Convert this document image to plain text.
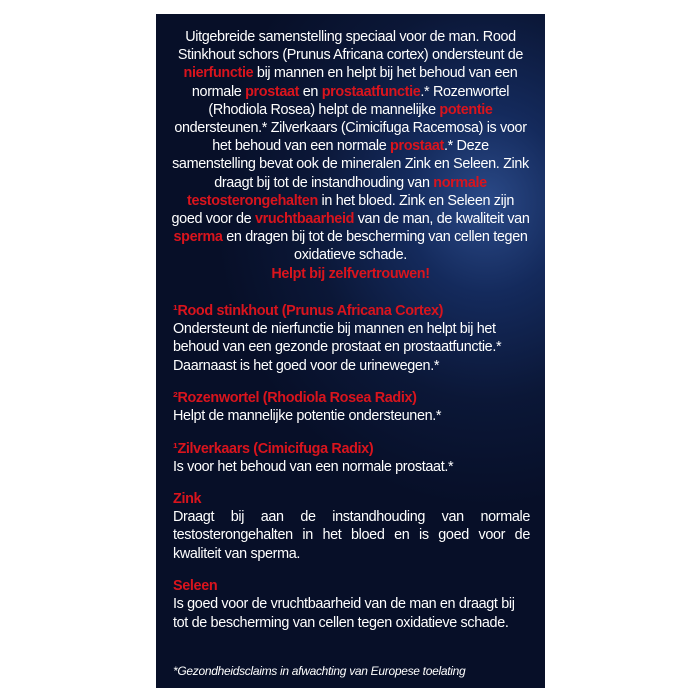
Uitgebreide samenstelling speciaal voor de man. Rood Stinkhout schors (Prunus Africana cortex) ondersteunt de nierfunctie bij mannen en helpt bij het behoud van een normale prostaat en prostaatfunctie.* Rozenwortel (Rhodiola Rosea) helpt de mannelijke potentie ondersteunen.* Zilverkaars (Cimicifuga Racemosa) is voor het behoud van een normale prostaat.* Deze samenstelling bevat ook de mineralen Zink en Seleen. Zink draagt bij tot de instandhouding van normale testosterongehalten in het bloed. Zink en Seleen zijn goed voor de vruchtbaarheid van de man, de kwaliteit van sperma en dragen bij tot de bescherming van cellen tegen oxidatieve schade.
Helpt bij zelfvertrouwen!
¹Rood stinkhout (Prunus Africana Cortex)
Ondersteunt de nierfunctie bij mannen en helpt bij het behoud van een gezonde prostaat en prostaatfunctie.* Daarnaast is het goed voor de urinewegen.*
²Rozenwortel (Rhodiola Rosea Radix)
Helpt de mannelijke potentie ondersteunen.*
¹Zilverkaars (Cimicifuga Radix)
Is voor het behoud van een normale prostaat.*
Zink
Draagt bij aan de instandhouding van normale testosterongehalten in het bloed en is goed voor de kwaliteit van sperma.
Seleen
Is goed voor de vruchtbaarheid van de man en draagt bij tot de bescherming van cellen tegen oxidatieve schade.
*Gezondheidsclaims in afwachting van Europese toelating
